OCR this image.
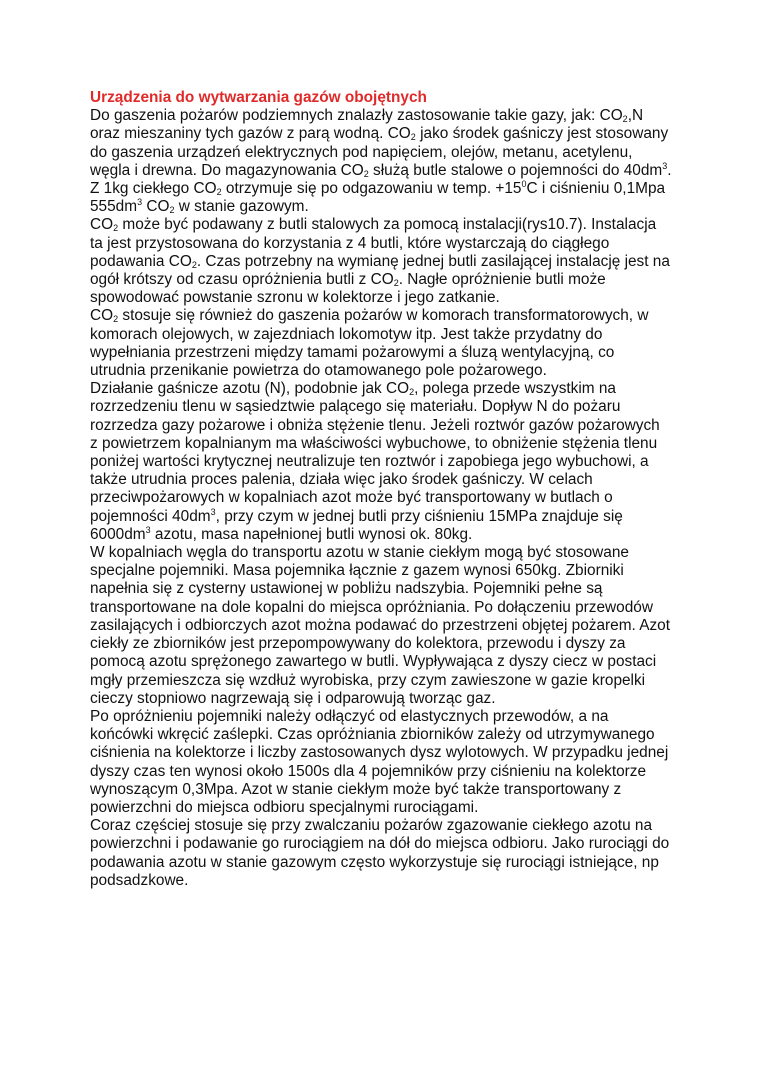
Urządzenia do wytwarzania gazów obojętnych
Do gaszenia pożarów podziemnych znalazły zastosowanie takie gazy, jak: $CO_2,N$
oraz mieszaniny tych gazów z parą wodną. $CO_2$ jako środek gaśniczy jest stosowany
do gaszenia urządzeń elektrycznych pod napięciem, olejów, metanu, acetylenu,
węgla i drewna. Do magazynowania $CO_2$ służą butle stalowe o pojemności do $40dm^3$.
Z 1kg ciekłego $CO_2$ otrzymuje się po odgazowaniu w temp. $+15^0C$ i ciśnieniu 0,1Mpa
$555dm^3$ $CO_2$ w stanie gazowym.
$CO_2$ może być podawany z butli stalowych za pomocą instalacji(rys10.7). Instalacja
ta jest przystosowana do korzystania z 4 butli, które wystarczają do ciągłego
podawania $CO_2$. Czas potrzebny na wymianę jednej butli zasilającej instalację jest na
ogół krótszy od czasu opróżnienia butli z $CO_2$. Nagłe opróżnienie butli może
spowodować powstanie szronu w kolektorze i jego zatkanie.
$CO_2$ stosuje się również do gaszenia pożarów w komorach transformatorowych, w
komorach olejowych, w zajezdniach lokomotyw itp. Jest także przydatny do
wypełniania przestrzeni między tamami pożarowymi a śluzą wentylacyjną, co
utrudnia przenikanie powietrza do otamowanego pole pożarowego.
Działanie gaśnicze azotu (N), podobnie jak $CO_2$, polega przede wszystkim na
rozrzedzeniu tlenu w sąsiedztwie palącego się materiału. Dopływ N do pożaru
rozrzedza gazy pożarowe i obniża stężenie tlenu. Jeżeli roztwór gazów pożarowych
z powietrzem kopalnianym ma właściwości wybuchowe, to obniżenie stężenia tlenu
poniżej wartości krytycznej neutralizuje ten roztwór i zapobiega jego wybuchowi, a
także utrudnia proces palenia, działa więc jako środek gaśniczy. W celach
przeciwpożarowych w kopalniach azot może być transportowany w butlach o
pojemności $40dm^3$, przy czym w jednej butli przy ciśnieniu 15MPa znajduje się
$6000dm^3$ azotu, masa napełnionej butli wynosi ok. 80kg.
W kopalniach węgla do transportu azotu w stanie ciekłym mogą być stosowane
specjalne pojemniki. Masa pojemnika łącznie z gazem wynosi 650kg. Zbiorniki
napełnia się z cysterny ustawionej w pobliżu nadszybia. Pojemniki pełne są
transportowane na dole kopalni do miejsca opróżniania. Po dołączeniu przewodów
zasilających i odbiorczych azot można podawać do przestrzeni objętej pożarem. Azot
ciekły ze zbiorników jest przepompowywany do kolektora, przewodu i dyszy za
pomocą azotu sprężonego zawartego w butli. Wypływająca z dyszy ciecz w postaci
mgły przemieszcza się wzdłuż wyrobiska, przy czym zawieszone w gazie kropelki
cieczy stopniowo nagrzewają się i odparowują tworząc gaz.
Po opróżnieniu pojemniki należy odłączyć od elastycznych przewodów, a na
końcówki wkręcić zaślepki. Czas opróżniania zbiorników zależy od utrzymywanego
ciśnienia na kolektorze i liczby zastosowanych dysz wylotowych. W przypadku jednej
dyszy czas ten wynosi około 1500s dla 4 pojemników przy ciśnieniu na kolektorze
wynoszącym 0,3Mpa. Azot w stanie ciekłym może być także transportowany z
powierzchni do miejsca odbioru specjalnymi rurociągami.
Coraz częściej stosuje się przy zwalczaniu pożarów zgazowanie ciekłego azotu na
powierzchni i podawanie go rurociągiem na dół do miejsca odbioru. Jako rurociągi do
podawania azotu w stanie gazowym często wykorzystuje się rurociągi istniejące, np
podsadzkowe.
